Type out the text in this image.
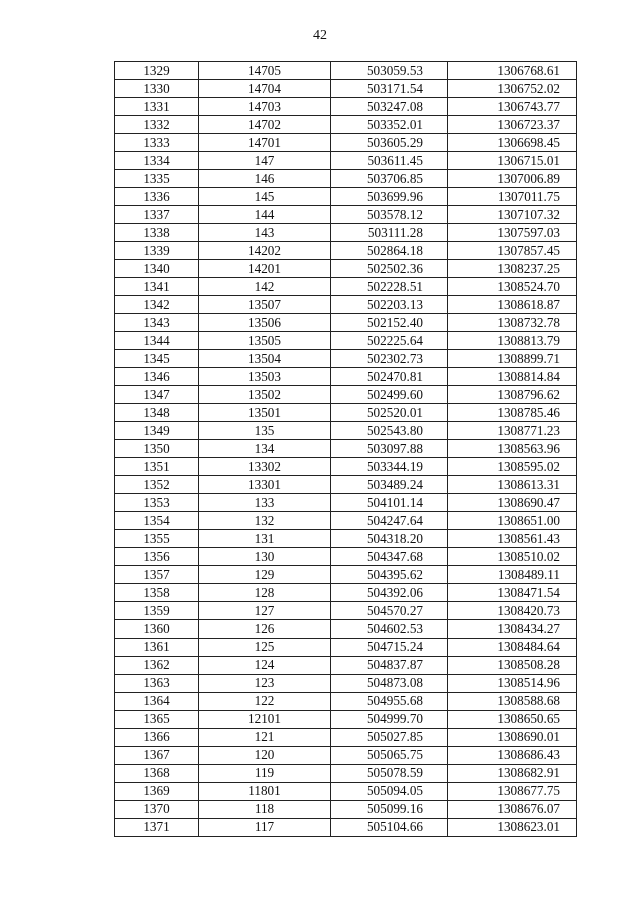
42
1329	14705	503059.53	1306768.61
1330	14704	503171.54	1306752.02
1331	14703	503247.08	1306743.77
1332	14702	503352.01	1306723.37
1333	14701	503605.29	1306698.45
1334	147	503611.45	1306715.01
1335	146	503706.85	1307006.89
1336	145	503699.96	1307011.75
1337	144	503578.12	1307107.32
1338	143	503111.28	1307597.03
1339	14202	502864.18	1307857.45
1340	14201	502502.36	1308237.25
1341	142	502228.51	1308524.70
1342	13507	502203.13	1308618.87
1343	13506	502152.40	1308732.78
1344	13505	502225.64	1308813.79
1345	13504	502302.73	1308899.71
1346	13503	502470.81	1308814.84
1347	13502	502499.60	1308796.62
1348	13501	502520.01	1308785.46
1349	135	502543.80	1308771.23
1350	134	503097.88	1308563.96
1351	13302	503344.19	1308595.02
1352	13301	503489.24	1308613.31
1353	133	504101.14	1308690.47
1354	132	504247.64	1308651.00
1355	131	504318.20	1308561.43
1356	130	504347.68	1308510.02
1357	129	504395.62	1308489.11
1358	128	504392.06	1308471.54
1359	127	504570.27	1308420.73
1360	126	504602.53	1308434.27
1361	125	504715.24	1308484.64
1362	124	504837.87	1308508.28
1363	123	504873.08	1308514.96
1364	122	504955.68	1308588.68
1365	12101	504999.70	1308650.65
1366	121	505027.85	1308690.01
1367	120	505065.75	1308686.43
1368	119	505078.59	1308682.91
1369	11801	505094.05	1308677.75
1370	118	505099.16	1308676.07
1371	117	505104.66	1308623.01
